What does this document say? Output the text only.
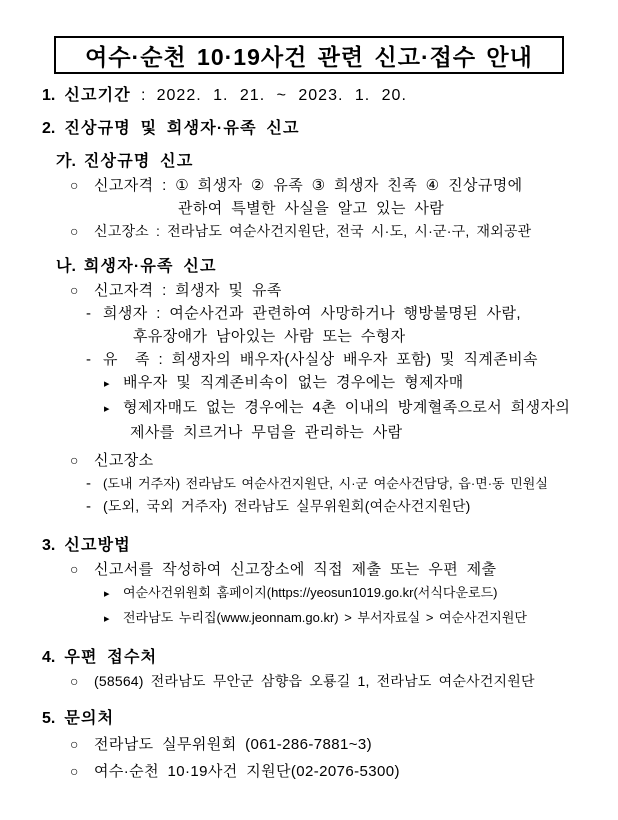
여수·순천 10·19사건 관련 신고·접수 안내
1. 신고기간 : 2022. 1. 21. ~ 2023. 1. 20.
2. 진상규명 및 희생자·유족 신고
가. 진상규명 신고
○	신고자격 : ① 희생자 ② 유족 ③ 희생자 친족 ④ 진상규명에
관하여 특별한 사실을 알고 있는 사람
○	신고장소 : 전라남도 여순사건지원단, 전국 시·도, 시·군·구, 재외공관
나. 희생자·유족 신고
○	신고자격 : 희생자 및 유족
- 희생자 : 여순사건과 관련하여 사망하거나 행방불명된 사람,
후유장애가 남아있는 사람 또는 수형자
- 유  족 : 희생자의 배우자(사실상 배우자 포함) 및 직계존비속
▸ 배우자 및 직계존비속이 없는 경우에는 형제자매
▸ 형제자매도 없는 경우에는 4촌 이내의 방계혈족으로서 희생자의
제사를 치르거나 무덤을 관리하는 사람
○	신고장소
- (도내 거주자) 전라남도 여순사건지원단, 시·군 여순사건담당, 읍·면·동 민원실
- (도외, 국외 거주자) 전라남도 실무위원회(여순사건지원단)
3. 신고방법
○	신고서를 작성하여 신고장소에 직접 제출 또는 우편 제출
▸	여순사건위원회 홈페이지(https://yeosun1019.go.kr(서식다운로드)
▸	전라남도 누리집(www.jeonnam.go.kr) > 부서자료실 > 여순사건지원단
4. 우편 접수처
○	(58564) 전라남도 무안군 삼향읍 오룡길 1, 전라남도 여순사건지원단
5. 문의처
○	전라남도 실무위원회 (061-286-7881~3)
○	여수·순천 10·19사건 지원단(02-2076-5300)
